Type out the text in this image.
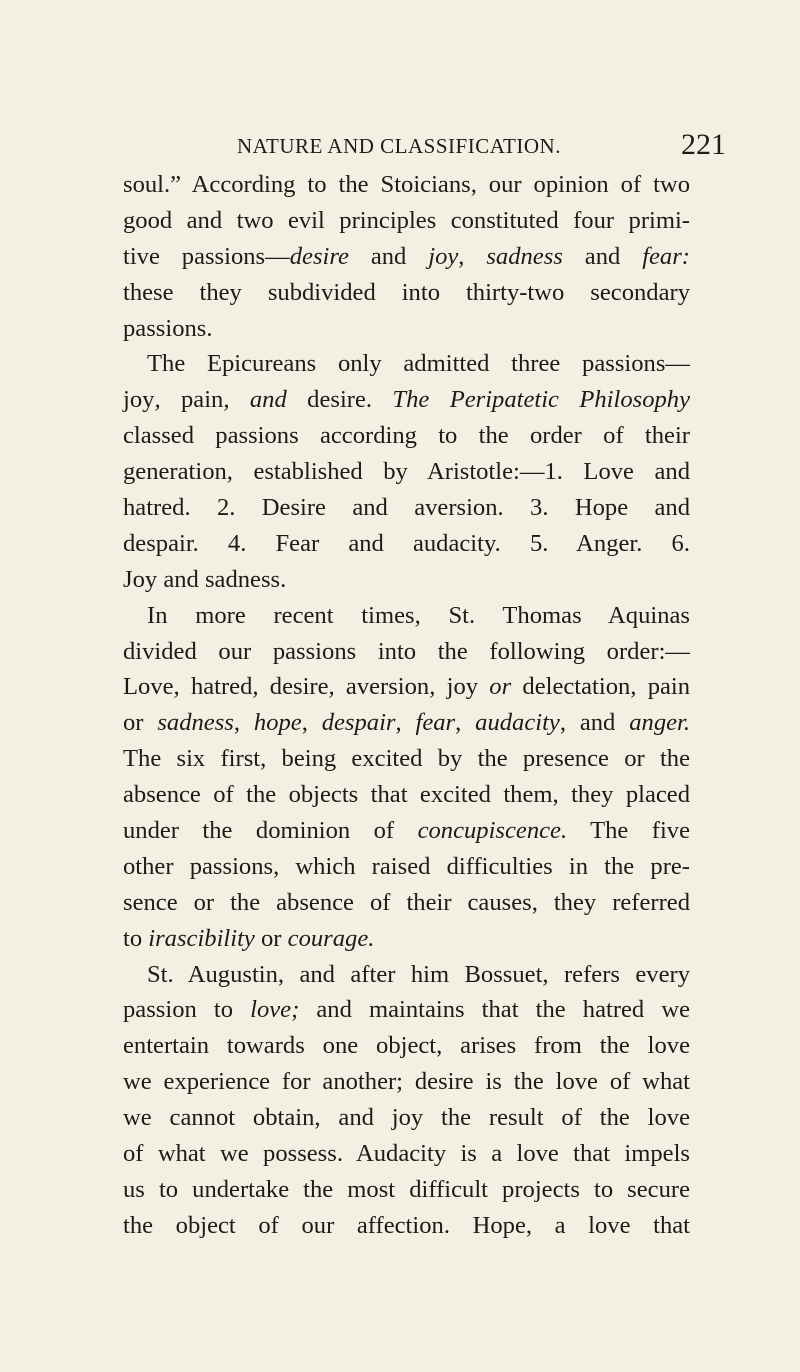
NATURE AND CLASSIFICATION.	221
soul.” According to the Stoicians, our opinion of two
good and two evil principles constituted four primi-
tive passions—desire and joy, sadness and fear:
these they subdivided into thirty-two secondary
passions.
The Epicureans only admitted three passions—
joy, pain, and desire. The Peripatetic Philosophy
classed passions according to the order of their
generation, established by Aristotle:—1. Love and
hatred. 2. Desire and aversion. 3. Hope and
despair. 4. Fear and audacity. 5. Anger. 6.
Joy and sadness.
In more recent times, St. Thomas Aquinas
divided our passions into the following order:—
Love, hatred, desire, aversion, joy or delectation, pain
or sadness, hope, despair, fear, audacity, and anger.
The six first, being excited by the presence or the
absence of the objects that excited them, they placed
under the dominion of concupiscence. The five
other passions, which raised difficulties in the pre-
sence or the absence of their causes, they referred
to irascibility or courage.
St. Augustin, and after him Bossuet, refers every
passion to love; and maintains that the hatred we
entertain towards one object, arises from the love
we experience for another; desire is the love of what
we cannot obtain, and joy the result of the love
of what we possess. Audacity is a love that impels
us to undertake the most difficult projects to secure
the object of our affection. Hope, a love that
